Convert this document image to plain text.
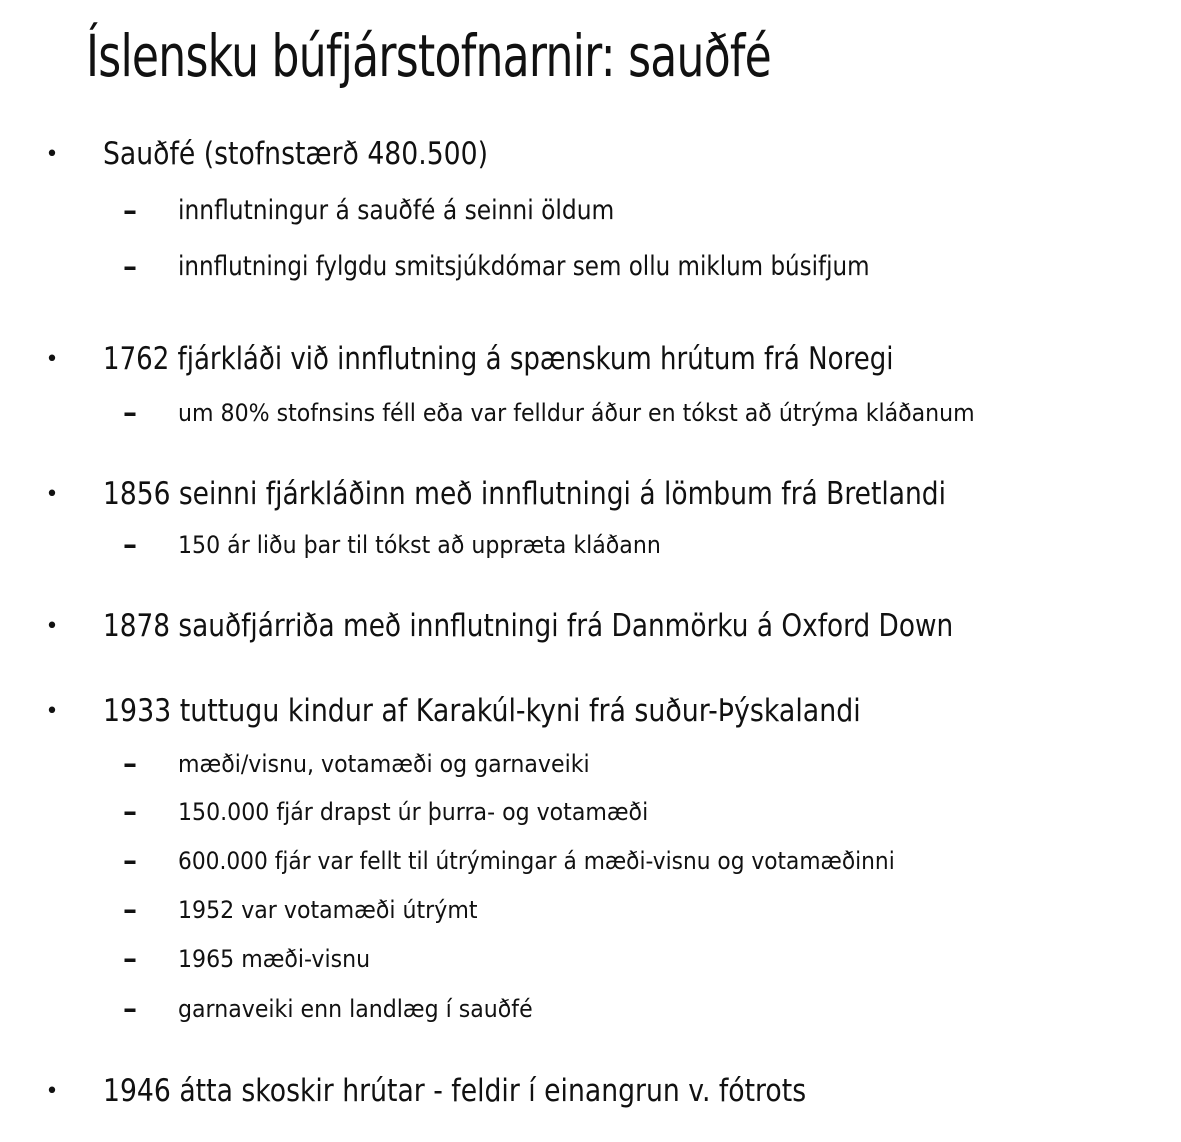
Íslensku búfjárstofnarnir: sauðfé
• Sauðfé (stofnstærð 480.500)
– innflutningur á sauðfé á seinni öldum
– innflutningi fylgdu smitsjúkdómar sem ollu miklum búsifjum
• 1762 fjárkláði við innflutning á spænskum hrútum frá Noregi
– um 80% stofnsins féll eða var felldur áður en tókst að útrýma kláðanum
• 1856 seinni fjárkláðinn með innflutningi á lömbum frá Bretlandi
– 150 ár liðu þar til tókst að uppræta kláðann
• 1878 sauðfjárriða með innflutningi frá Danmörku á Oxford Down
• 1933 tuttugu kindur af Karakúl-kyni frá suður-Þýskalandi
– mæði/visnu, votamæði og garnaveiki
– 150.000 fjár drapst úr þurra- og votamæði
– 600.000 fjár var fellt til útrýmingar á mæði-visnu og votamæðinni
– 1952 var votamæði útrýmt
– 1965 mæði-visnu
– garnaveiki enn landlæg í sauðfé
• 1946 átta skoskir hrútar - feldir í einangrun v. fótrots
